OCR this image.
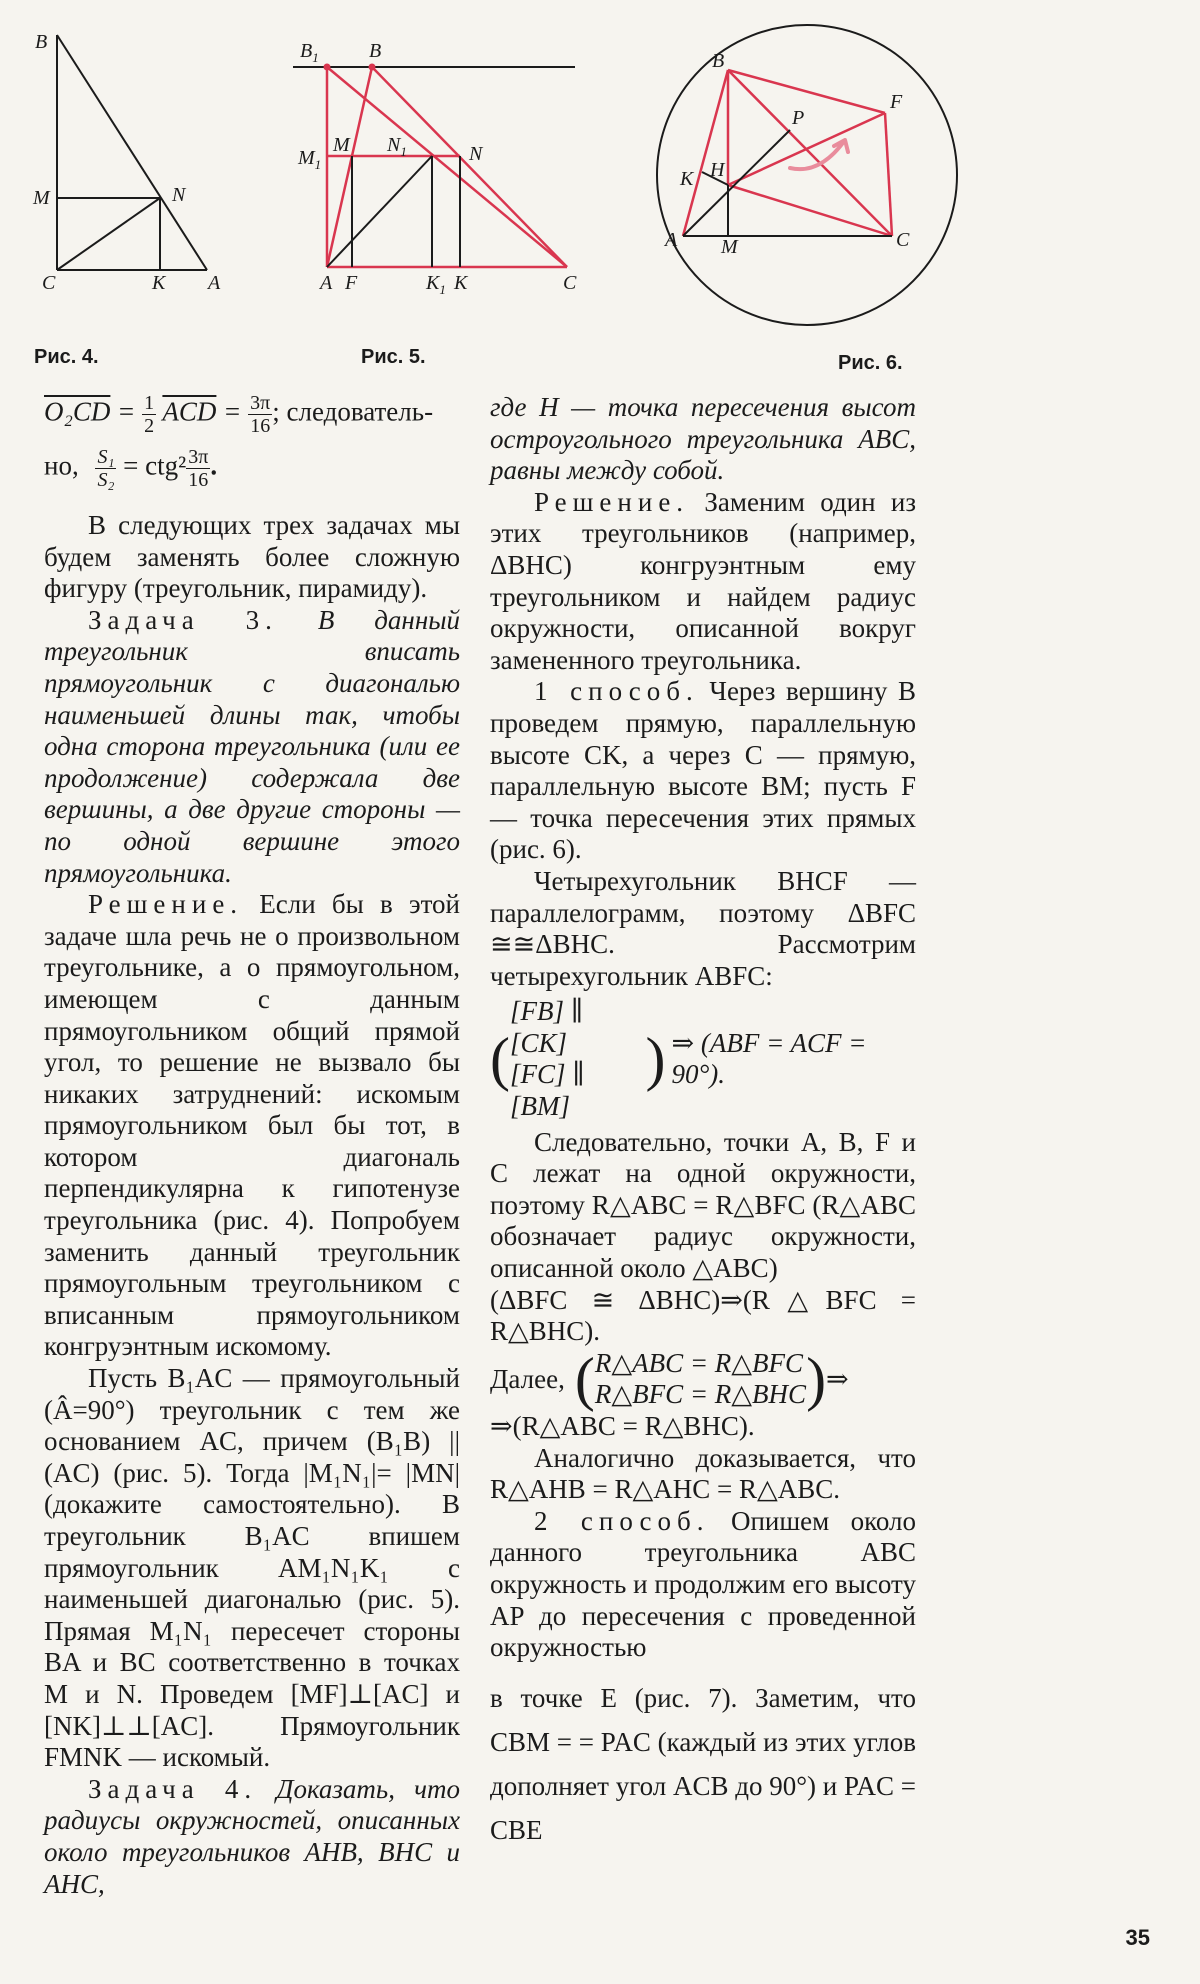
B
M	N
C	K A
Рис. 4.
$B_1$	B
$M_1$
M $N_1$	N
A F	$K_1$ K	C
Рис. 5.
B
F
P
K H
A M	C
Рис. 6.
$O_2CD = \frac{1}{2} \overline{ACD} = \frac{3\pi}{16}$ ; следователь-
но, $\frac{\text{S₁}}{\text{S₂}} = ctg^2 \frac{3\pi}{16}$ .

В следующих трех задачах мы будем заменять более сложную фигуру (треугольник, пирамиду).

Задача 3. В данный треугольник вписать прямоугольник с диагональю наименьшей длины так, чтобы одна сторона треугольника (или ее продолжение) содержала две вершины, а две другие стороны — по одной вершине этого прямоугольника.

Решение. Если бы в этой задаче шла речь не о произвольном треугольнике, а о прямоугольном, имеющем с данным прямоугольником общий прямой угол, то решение не вызвало бы никаких затруднений: искомым прямоугольником был бы тот, в котором диагональ перпендикулярна к гипотенузе треугольника (рис. 4). Попробуем заменить данный треугольник прямоугольным треугольником с вписанным прямоугольником конгруэнтным искомому.

Пусть B₁AC — прямоугольный (Â=90°) треугольник с тем же основанием AC, причем (B₁B) ||(AC) (рис. 5). Тогда |M₁N₁|= |MN| (докажите самостоятельно). В треугольник B₁AC впишем прямоугольник AM₁N₁K₁ с наименьшей диагональю (рис. 5). Прямая M₁N₁ пересечет стороны BA и BC соответственно в точках M и N. Проведем [MF]⊥[AC] и [NK]⊥⊥[AC]. Прямоугольник FMNK — искомый.

Задача 4. Доказать, что радиусы окружностей, описанных около треугольников AHB, BHC и AHC,

где H — точка пересечения высот остроугольного треугольника ABC, равны между собой.

Решение. Заменим один из этих треугольников (например, ΔBHC) конгруэнтным ему треугольником и найдем радиус окружности, описанной вокруг замененного треугольника.

1 способ. Через вершину B проведем прямую, параллельную высоте CK, а через C — прямую, параллельную высоте BM; пусть F — точка пересечения этих прямых (рис. 6).

Четырехугольник BHCF — параллелограмм, поэтому ΔBFC ≅≅ΔBHC. Рассмотрим четырехугольник ABFC:

(
[FB] ∥ [CK]
[FC] ∥ [BM]
) ⇒ (ABF = ACF = 90°).

Следовательно, точки A, B, F и C лежат на одной окружности, поэтому R△ABC = R△BFC (R△ABC обозначает радиус окружности, описанной около △ABC)

(ΔBFC ≅ ΔBHC)⇒(R△BFC = R△BHC).

Далее, ( R△ABC = R△BFC
R△BFC = R△BHC ) ⇒

⇒(R△ABC = R△BHC).

Аналогично доказывается, что R△AHB = R△AHC = R△ABC.

2 способ. Опишем около данного треугольника ABC окружность и продолжим его высоту AP до пересечения с проведенной окружностью

в точке E (рис. 7). Заметим, что CBM = = PAC (каждый из этих углов дополняет угол ACB до 90°) и PAC = CBE

35
